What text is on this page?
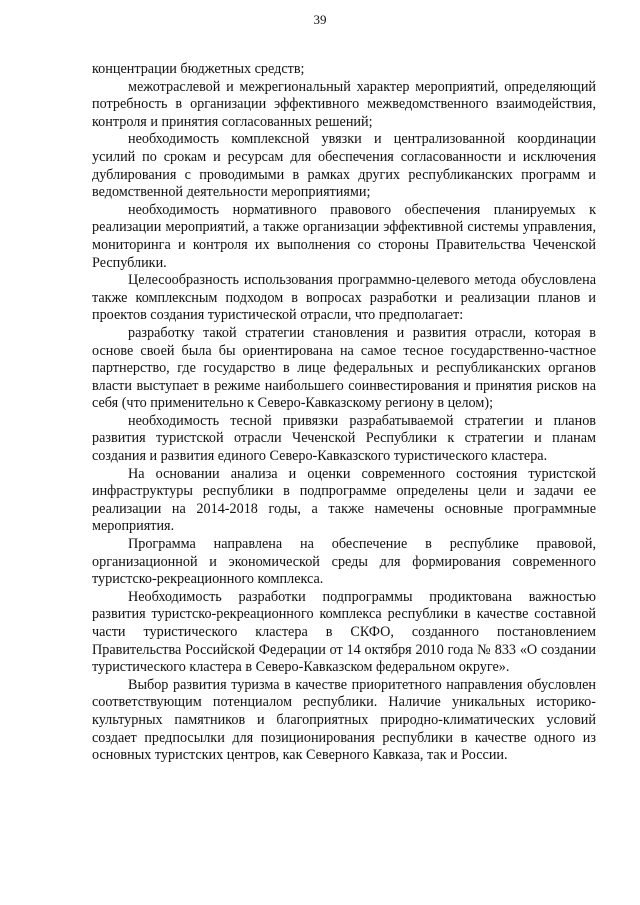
39

концентрации бюджетных средств;

межотраслевой и межрегиональный характер мероприятий, определяющий потребность в организации эффективного межведомственного взаимодействия, контроля и принятия согласованных решений;

необходимость комплексной увязки и централизованной координации усилий по срокам и ресурсам для обеспечения согласованности и исключения дублирования с проводимыми в рамках других республиканских программ и ведомственной деятельности мероприятиями;

необходимость нормативного правового обеспечения планируемых к реализации мероприятий, а также организации эффективной системы управления, мониторинга и контроля их выполнения со стороны Правительства Чеченской Республики.

Целесообразность использования программно-целевого метода обусловлена также комплексным подходом в вопросах разработки и реализации планов и проектов создания туристической отрасли, что предполагает:

разработку такой стратегии становления и развития отрасли, которая в основе своей была бы ориентирована на самое тесное государственно-частное партнерство, где государство в лице федеральных и республиканских органов власти выступает в режиме наибольшего соинвестирования и принятия рисков на себя (что применительно к Северо-Кавказскому региону в целом);

необходимость тесной привязки разрабатываемой стратегии и планов развития туристской отрасли Чеченской Республики к стратегии и планам создания и развития единого Северо-Кавказского туристического кластера.

На основании анализа и оценки современного состояния туристской инфраструктуры республики в подпрограмме определены цели и задачи ее реализации на 2014-2018 годы, а также намечены основные программные мероприятия.

Программа направлена на обеспечение в республике правовой, организационной и экономической среды для формирования современного туристско-рекреационного комплекса.

Необходимость разработки подпрограммы продиктована важностью развития туристско-рекреационного комплекса республики в качестве составной части туристического кластера в СКФО, созданного постановлением Правительства Российской Федерации от 14 октября 2010 года № 833 «О создании туристического кластера в Северо-Кавказском федеральном округе».

Выбор развития туризма в качестве приоритетного направления обусловлен соответствующим потенциалом республики. Наличие уникальных историко-культурных памятников и благоприятных природно-климатических условий создает предпосылки для позиционирования республики в качестве одного из основных туристских центров, как Северного Кавказа, так и России.
